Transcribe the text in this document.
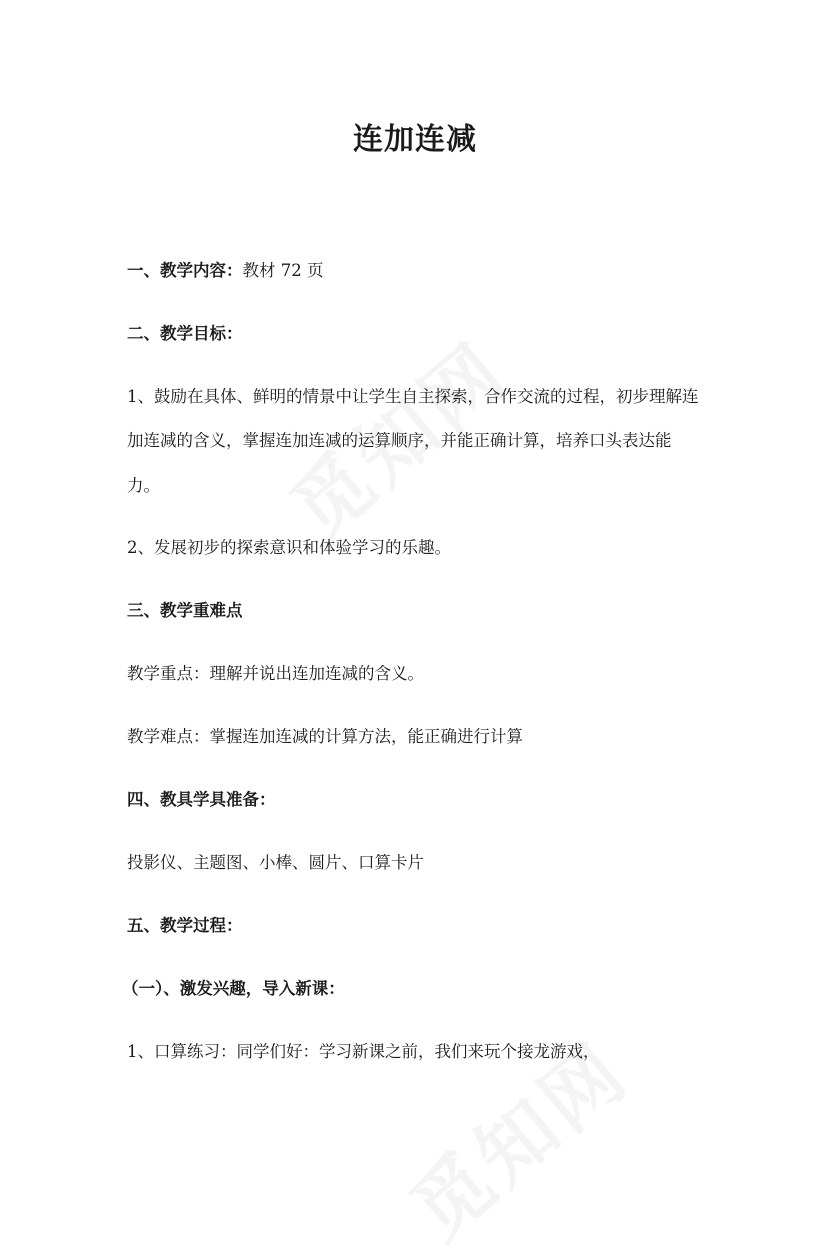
连加连减
一、教学内容：教材 72 页
二、教学目标：
1、鼓励在具体、鲜明的情景中让学生自主探索，合作交流的过程，初步理解连
加连减的含义，掌握连加连减的运算顺序，并能正确计算，培养口头表达能
力。
2、发展初步的探索意识和体验学习的乐趣。
三、教学重难点
教学重点：理解并说出连加连减的含义。
教学难点：掌握连加连减的计算方法，能正确进行计算
四、教具学具准备：
投影仪、主题图、小棒、圆片、口算卡片
五、教学过程：
（一）、激发兴趣，导入新课：
1、口算练习：同学们好：学习新课之前，我们来玩个接龙游戏，
